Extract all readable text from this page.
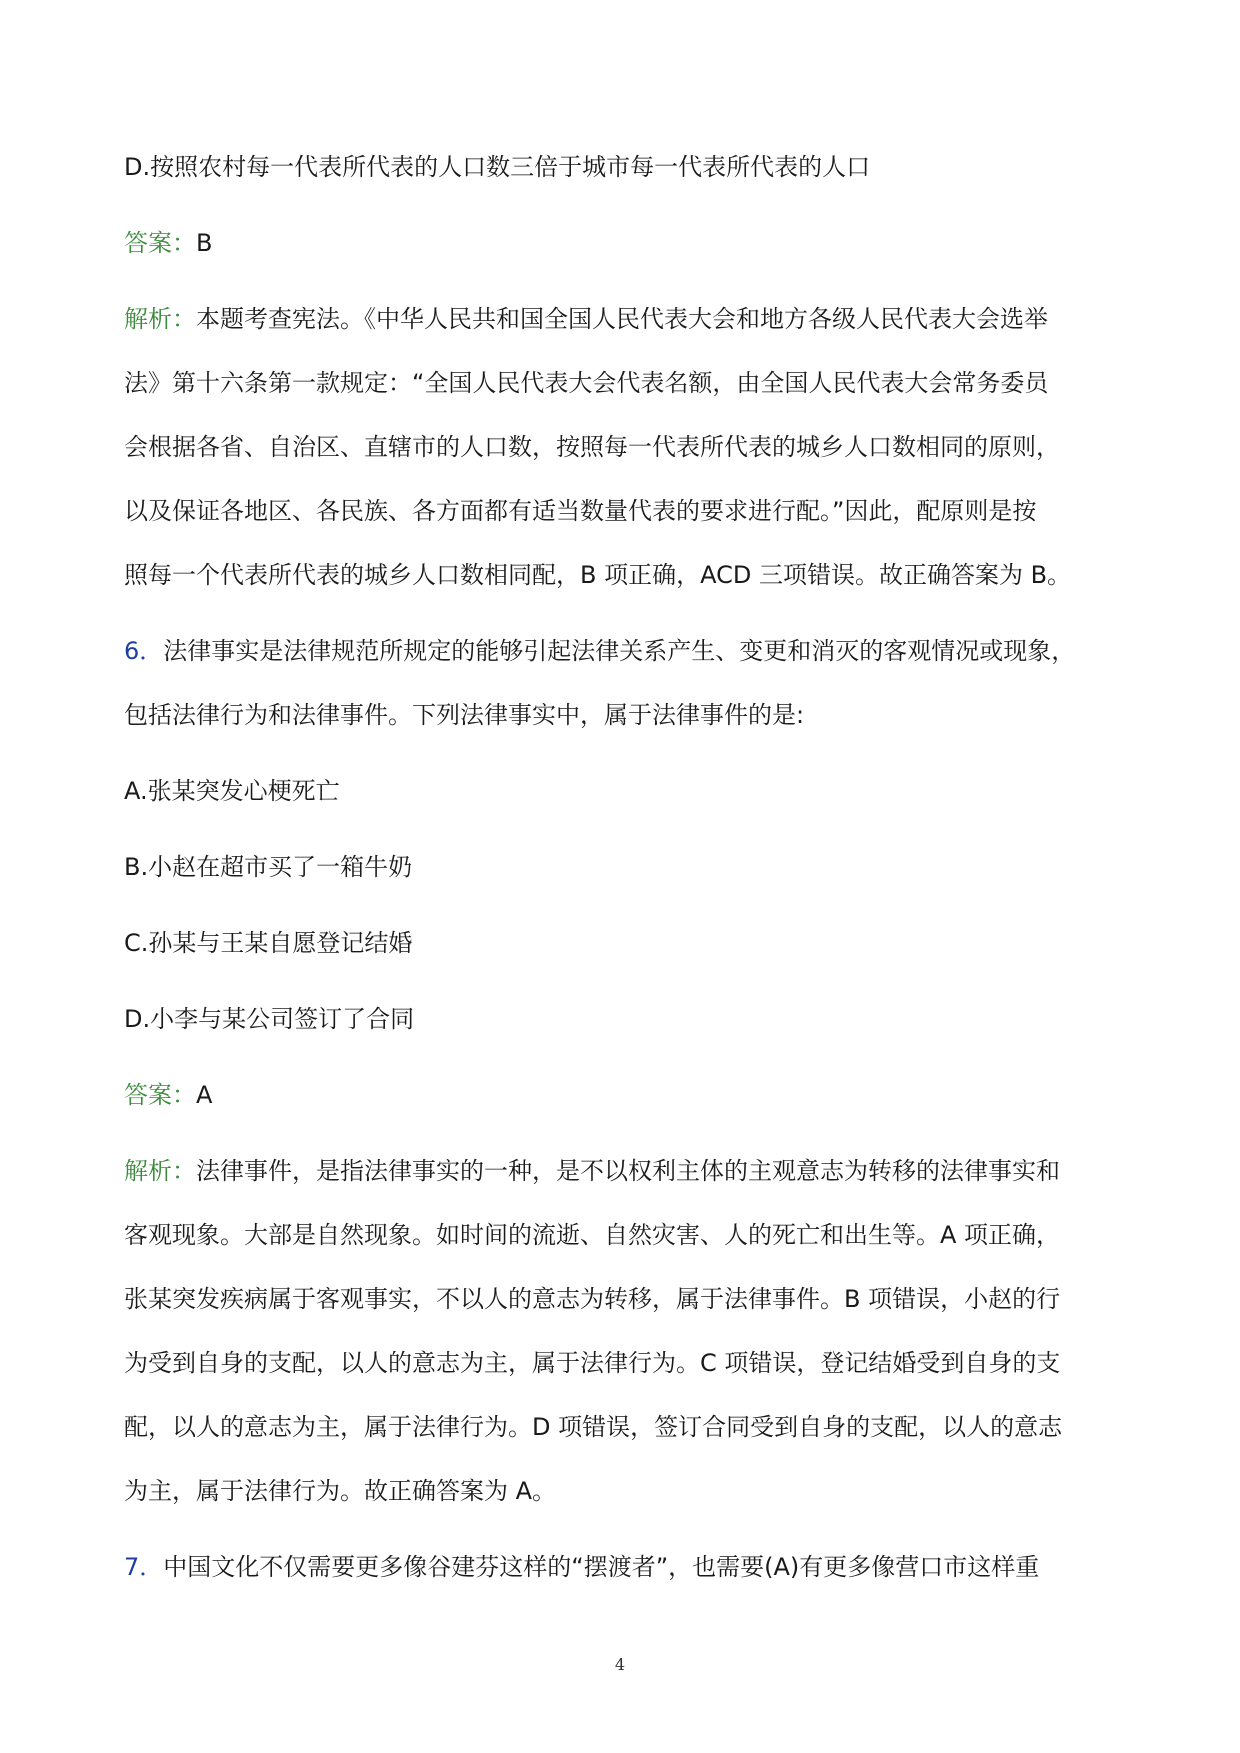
D.按照农村每一代表所代表的人口数三倍于城市每一代表所代表的人口
答案：B
解析：本题考查宪法。《中华人民共和国全国人民代表大会和地方各级人民代表大会选举
法》第十六条第一款规定：“全国人民代表大会代表名额，由全国人民代表大会常务委员
会根据各省、自治区、直辖市的人口数，按照每一代表所代表的城乡人口数相同的原则，
以及保证各地区、各民族、各方面都有适当数量代表的要求进行配。”因此，配原则是按
照每一个代表所代表的城乡人口数相同配，B 项正确，ACD 三项错误。故正确答案为 B。
6．法律事实是法律规范所规定的能够引起法律关系产生、变更和消灭的客观情况或现象，
包括法律行为和法律事件。下列法律事实中，属于法律事件的是:
A.张某突发心梗死亡
B.小赵在超市买了一箱牛奶
C.孙某与王某自愿登记结婚
D.小李与某公司签订了合同
答案：A
解析：法律事件，是指法律事实的一种，是不以权利主体的主观意志为转移的法律事实和
客观现象。大部是自然现象。如时间的流逝、自然灾害、人的死亡和出生等。A 项正确，
张某突发疾病属于客观事实，不以人的意志为转移，属于法律事件。B 项错误，小赵的行
为受到自身的支配，以人的意志为主，属于法律行为。C 项错误，登记结婚受到自身的支
配，以人的意志为主，属于法律行为。D 项错误，签订合同受到自身的支配，以人的意志
为主，属于法律行为。故正确答案为 A。
7．中国文化不仅需要更多像谷建芬这样的“摆渡者”，也需要(A)有更多像营口市这样重
4
